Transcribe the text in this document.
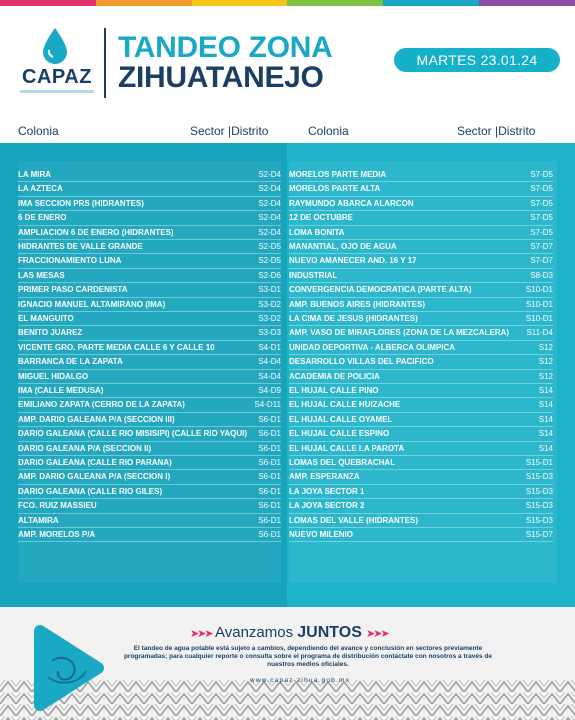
CAPAZ
TANDEO ZONA
ZIHUATANEJO
MARTES 23.01.24
Colonia	Sector |Distrito	Colonia	Sector |Distrito
LA MIRA	S2-D4
LA AZTECA	S2-D4
IMA SECCION PRS (HIDRANTES)	S2-D4
6 DE ENERO	S2-D4
AMPLIACION 6 DE ENERO (HIDRANTES)	S2-D4
HIDRANTES DE VALLE GRANDE	S2-D5
FRACCIONAMIENTO LUNA	S2-D5
LAS MESAS	S2-D6
PRIMER PASO CARDENISTA	S3-D1
IGNACIO MANUEL ALTAMIRANO (IMA)	S3-D2
EL MANGUITO	S3-D2
BENITO JUAREZ	S3-D3
VICENTE GRO. PARTE MEDIA CALLE 6 Y CALLE 10	S4-D1
BARRANCA DE LA ZAPATA	S4-D4
MIGUEL HIDALGO	S4-D4
IMA (CALLE MEDUSA)	S4-D9
EMILIANO ZAPATA (CERRO DE LA ZAPATA)	S4-D11
AMP. DARIO GALEANA P/A (SECCION III)	S6-D1
DARIO GALEANA (CALLE RIO MISISIPI) (CALLE RIO YAQUI) S6-D1
DARIO GALEANA P/A (SECCION II)	S6-D1
DARIO GALEANA (CALLE RIO PARANA)	S6-D1
AMP. DARIO GALEANA P/A (SECCION I)	S6-D1
DARIO GALEANA (CALLE RIO GILES)	S6-D1
FCO. RUIZ MASSIEU	S6-D1
ALTAMIRA	S6-D1
AMP. MORELOS P/A	S6-D1
MORELOS PARTE MEDIA	S7-D5
MORELOS PARTE ALTA	S7-D5
RAYMUNDO ABARCA ALARCON	S7-D5
12 DE OCTUBRE	S7-D5
LOMA BONITA	S7-D5
MANANTIAL, OJO DE AGUA	S7-D7
NUEVO AMANECER AND. 16 Y 17	S7-D7
INDUSTRIAL	S8-D3
CONVERGENCIA DEMOCRATICA (PARTE ALTA)	S10-D1
AMP. BUENOS AIRES (HIDRANTES)	S10-D1
LA CIMA DE JESUS (HIDRANTES)	S10-D1
AMP. VASO DE MIRAFLORES (ZONA DE LA MEZCALERA) S11-D4
UNIDAD DEPORTIVA - ALBERCA OLIMPICA	S12
DESARROLLO VILLAS DEL PACIFICO	S12
ACADEMIA DE POLICIA	S12
EL HUJAL CALLE PINO	S14
EL HUJAL CALLE HUIZACHE	S14
EL HUJAL CALLE OYAMEL	S14
EL HUJAL CALLE ESPINO	S14
EL HUJAL CALLE LA PAROTA	S14
LOMAS DEL QUEBRACHAL	S15-D1
AMP. ESPERANZA	S15-D3
LA JOYA SECTOR 1	S15-D3
LA JOYA SECTOR 2	S15-D3
LOMAS DEL VALLE (HIDRANTES)	S15-D3
NUEVO MILENIO	S15-D7
➤➤➤ Avanzamos JUNTOS ➤➤➤
El tandeo de agua potable está sujeto a cambios, dependiendo del avance y conclusión en sectores previamente programadas; para cualquier reporte o consulta sobre el programa de distribución contáctate con nosotros a través de nuestros medios oficiales.
www.capaz-zihua.gob.mx
